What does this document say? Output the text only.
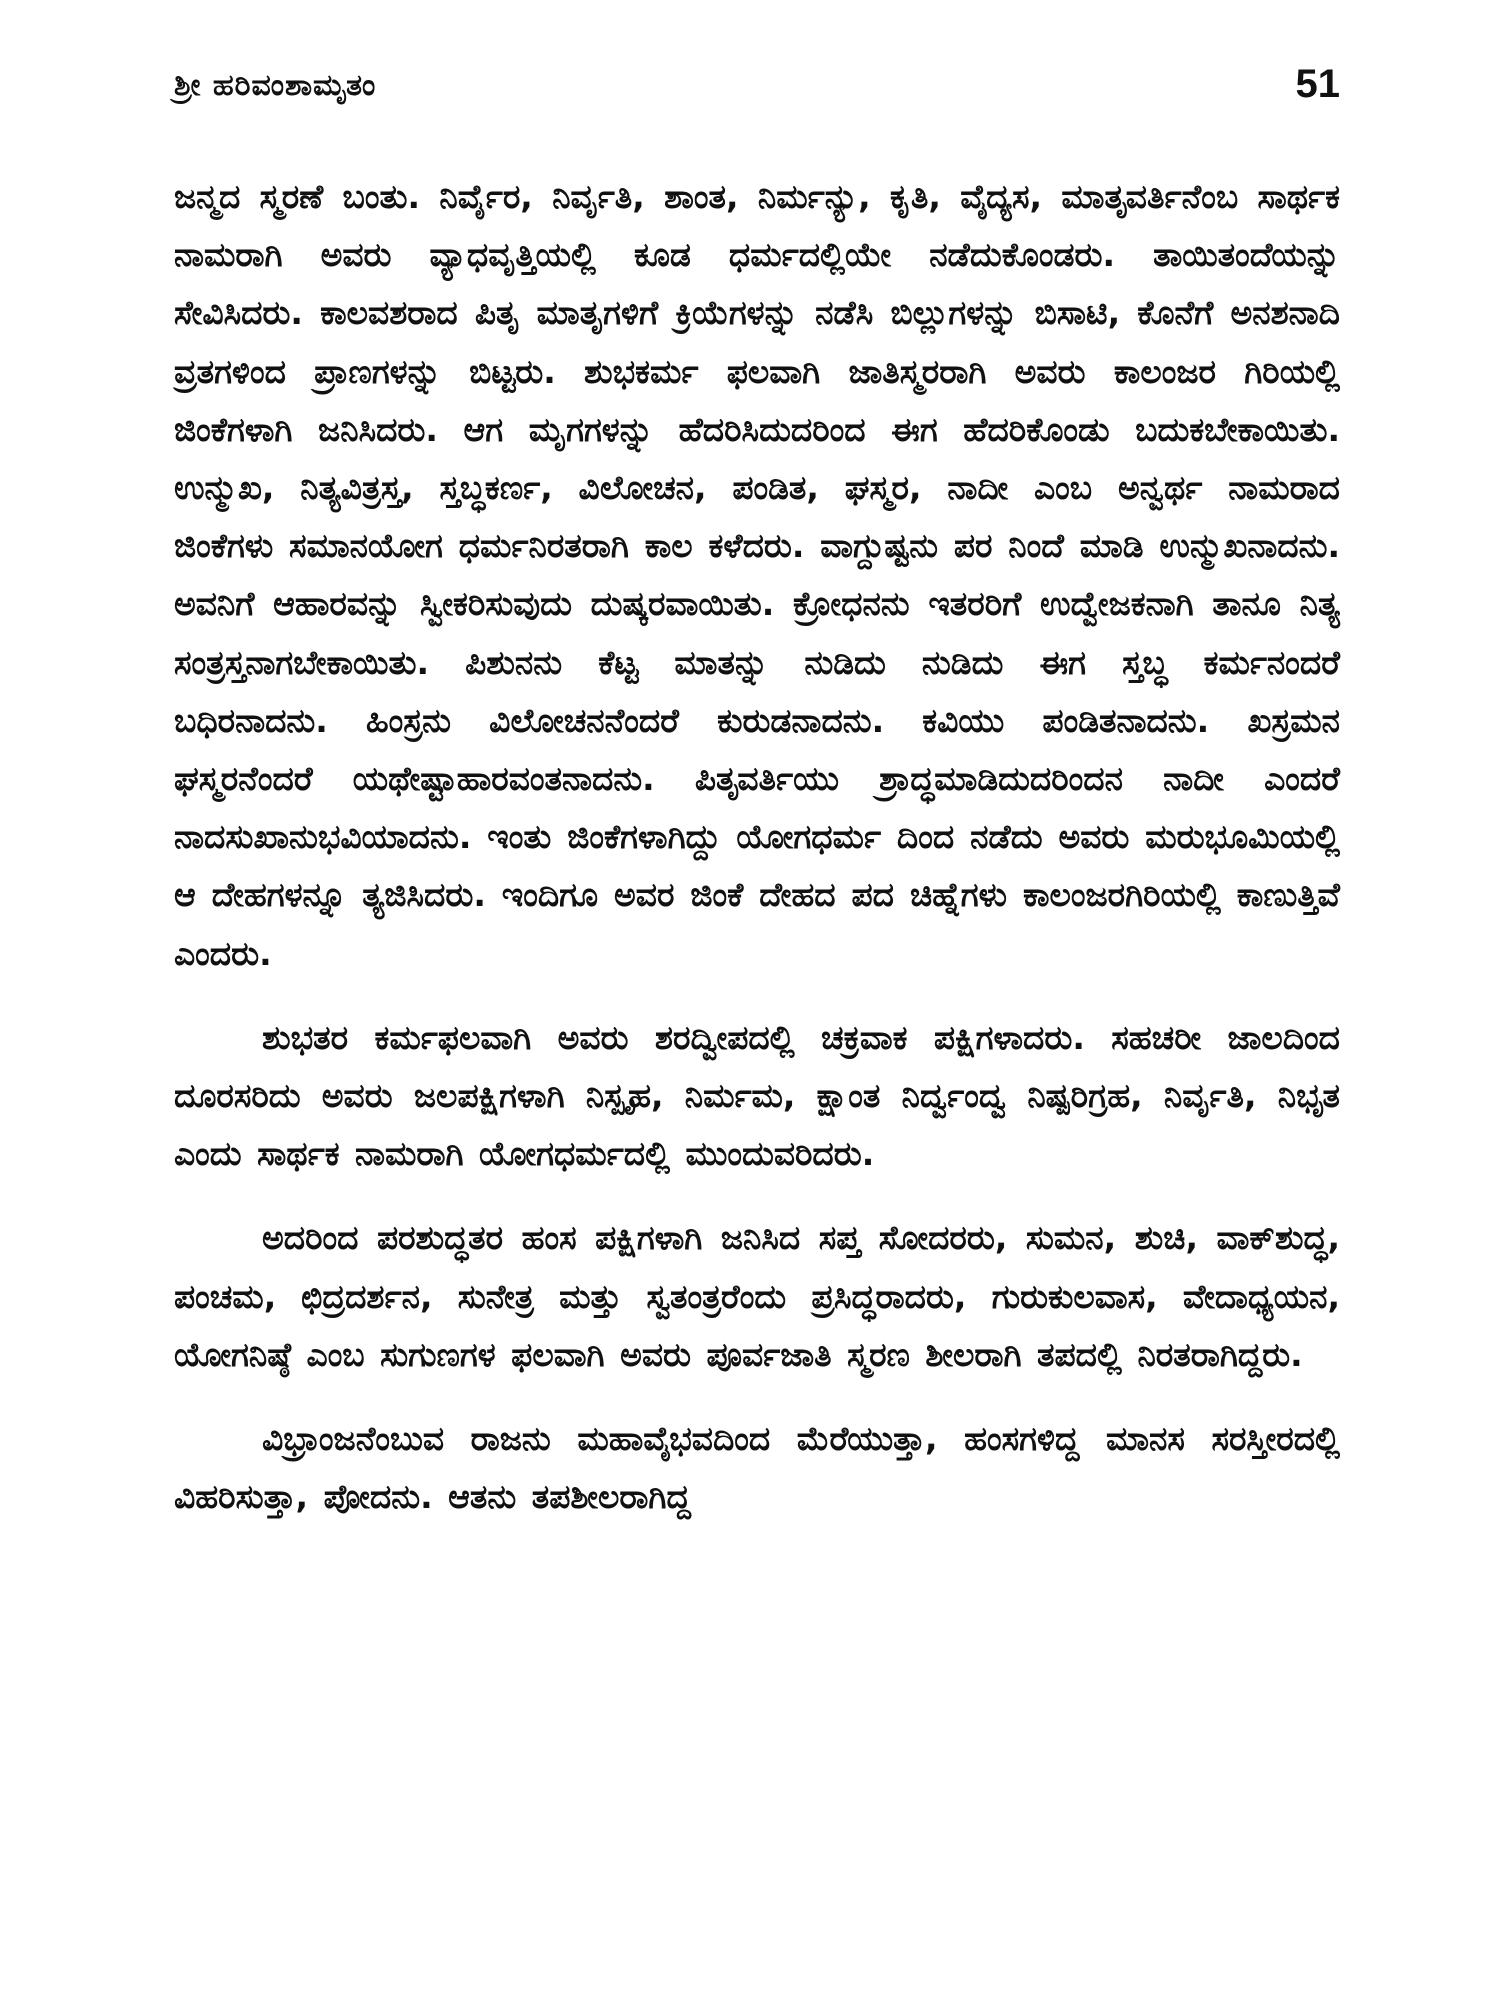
ಶ್ರೀ ಹರಿವಂಶಾಮೃತಂ	51

ಜನ್ಮದ ಸ್ಮರಣೆ ಬಂತು. ನಿರ್ವೈರ, ನಿರ್ವೃತಿ, ಶಾಂತ, ನಿರ್ಮನ್ಯು, ಕೃತಿ, ವೈದ್ಯಸ, ಮಾತೃವರ್ತಿನೆಂಬ ಸಾರ್ಥಕ ನಾಮರಾಗಿ ಅವರು ವ್ಯಾಧವೃತ್ತಿಯಲ್ಲಿ ಕೂಡ ಧರ್ಮದಲ್ಲಿಯೇ ನಡೆದುಕೊಂಡರು. ತಾಯಿತಂದೆಯನ್ನು ಸೇವಿಸಿದರು. ಕಾಲವಶರಾದ ಪಿತೃ ಮಾತೃಗಳಿಗೆ ಕ್ರಿಯೆಗಳನ್ನು ನಡೆಸಿ ಬಿಲ್ಲುಗಳನ್ನು ಬಿಸಾಟಿ, ಕೊನೆಗೆ ಅನಶನಾದಿ ವ್ರತಗಳಿಂದ ಪ್ರಾಣಗಳನ್ನು ಬಿಟ್ಟರು. ಶುಭಕರ್ಮ ಫಲವಾಗಿ ಜಾತಿಸ್ಮರರಾಗಿ ಅವರು ಕಾಲಂಜರ ಗಿರಿಯಲ್ಲಿ ಜಿಂಕೆಗಳಾಗಿ ಜನಿಸಿದರು. ಆಗ ಮೃಗಗಳನ್ನು ಹೆದರಿಸಿದುದರಿಂದ ಈಗ ಹೆದರಿಕೊಂಡು ಬದುಕಬೇಕಾಯಿತು. ಉನ್ಮುಖ, ನಿತ್ಯವಿತ್ರಸ್ತ, ಸ್ತಬ್ಧಕರ್ಣ, ವಿಲೋಚನ, ಪಂಡಿತ, ಘಸ್ಮರ, ನಾದೀ ಎಂಬ ಅನ್ವರ್ಥ ನಾಮರಾದ ಜಿಂಕೆಗಳು ಸಮಾನಯೋಗ ಧರ್ಮನಿರತರಾಗಿ ಕಾಲ ಕಳೆದರು. ವಾಗ್ದುಷ್ಟನು ಪರ ನಿಂದೆ ಮಾಡಿ ಉನ್ಮುಖನಾದನು. ಅವನಿಗೆ ಆಹಾರವನ್ನು ಸ್ವೀಕರಿಸುವುದು ದುಷ್ಕರವಾಯಿತು. ಕ್ರೋಧನನು ಇತರರಿಗೆ ಉದ್ವೇಜಕನಾಗಿ ತಾನೂ ನಿತ್ಯ ಸಂತ್ರಸ್ತನಾಗಬೇಕಾಯಿತು. ಪಿಶುನನು ಕೆಟ್ಟ ಮಾತನ್ನು ನುಡಿದು ನುಡಿದು ಈಗ ಸ್ತಬ್ಧ ಕರ್ಮನಂದರೆ ಬಧಿರನಾದನು. ಹಿಂಸ್ರನು ವಿಲೋಚನನೆಂದರೆ ಕುರುಡನಾದನು. ಕವಿಯು ಪಂಡಿತನಾದನು. ಖಸ್ರಮನ ಘಸ್ಮರನೆಂದರೆ ಯಥೇಷ್ಟಾಹಾರವಂತನಾದನು. ಪಿತೃವರ್ತಿಯು ಶ್ರಾದ್ಧಮಾಡಿದುದರಿಂದನ ನಾದೀ ಎಂದರೆ ನಾದಸುಖಾನುಭವಿಯಾದನು. ಇಂತು ಜಿಂಕೆಗಳಾಗಿದ್ದು ಯೋಗಧರ್ಮ ದಿಂದ ನಡೆದು ಅವರು ಮರುಭೂಮಿಯಲ್ಲಿ ಆ ದೇಹಗಳನ್ನೂ ತ್ಯಜಿಸಿದರು. ಇಂದಿಗೂ ಅವರ ಜಿಂಕೆ ದೇಹದ ಪದ ಚಿಹ್ನೆಗಳು ಕಾಲಂಜರಗಿರಿಯಲ್ಲಿ ಕಾಣುತ್ತಿವೆ ಎಂದರು.

ಶುಭತರ ಕರ್ಮಫಲವಾಗಿ ಅವರು ಶರದ್ವೀಪದಲ್ಲಿ ಚಕ್ರವಾಕ ಪಕ್ಷಿಗಳಾದರು. ಸಹಚರೀ ಜಾಲದಿಂದ ದೂರಸರಿದು ಅವರು ಜಲಪಕ್ಷಿಗಳಾಗಿ ನಿಸ್ಪೃಹ, ನಿರ್ಮಮ, ಕ್ಷಾಂತ ನಿರ್ದ್ವಂದ್ವ ನಿಷ್ಪರಿಗ್ರಹ, ನಿರ್ವೃತಿ, ನಿಭೃತ ಎಂದು ಸಾರ್ಥಕ ನಾಮರಾಗಿ ಯೋಗಧರ್ಮದಲ್ಲಿ ಮುಂದುವರಿದರು.

ಅದರಿಂದ ಪರಶುದ್ಧತರ ಹಂಸ ಪಕ್ಷಿಗಳಾಗಿ ಜನಿಸಿದ ಸಪ್ತ ಸೋದರರು, ಸುಮನ, ಶುಚಿ, ವಾಕ್‌ಶುದ್ಧ, ಪಂಚಮ, ಛಿದ್ರದರ್ಶನ, ಸುನೇತ್ರ ಮತ್ತು ಸ್ವತಂತ್ರರೆಂದು ಪ್ರಸಿದ್ಧರಾದರು, ಗುರುಕುಲವಾಸ, ವೇದಾಧ್ಯಯನ, ಯೋಗನಿಷ್ಠೆ ಎಂಬ ಸುಗುಣಗಳ ಫಲವಾಗಿ ಅವರು ಪೂರ್ವಜಾತಿ ಸ್ಮರಣ ಶೀಲರಾಗಿ ತಪದಲ್ಲಿ ನಿರತರಾಗಿದ್ದರು.

ವಿಭ್ರಾಂಜನೆಂಬುವ ರಾಜನು ಮಹಾವೈಭವದಿಂದ ಮೆರೆಯುತ್ತಾ, ಹಂಸಗಳಿದ್ದ ಮಾನಸ ಸರಸ್ತೀರದಲ್ಲಿ ವಿಹರಿಸುತ್ತಾ, ಪೋದನು. ಆತನು ತಪಶೀಲರಾಗಿದ್ದ
